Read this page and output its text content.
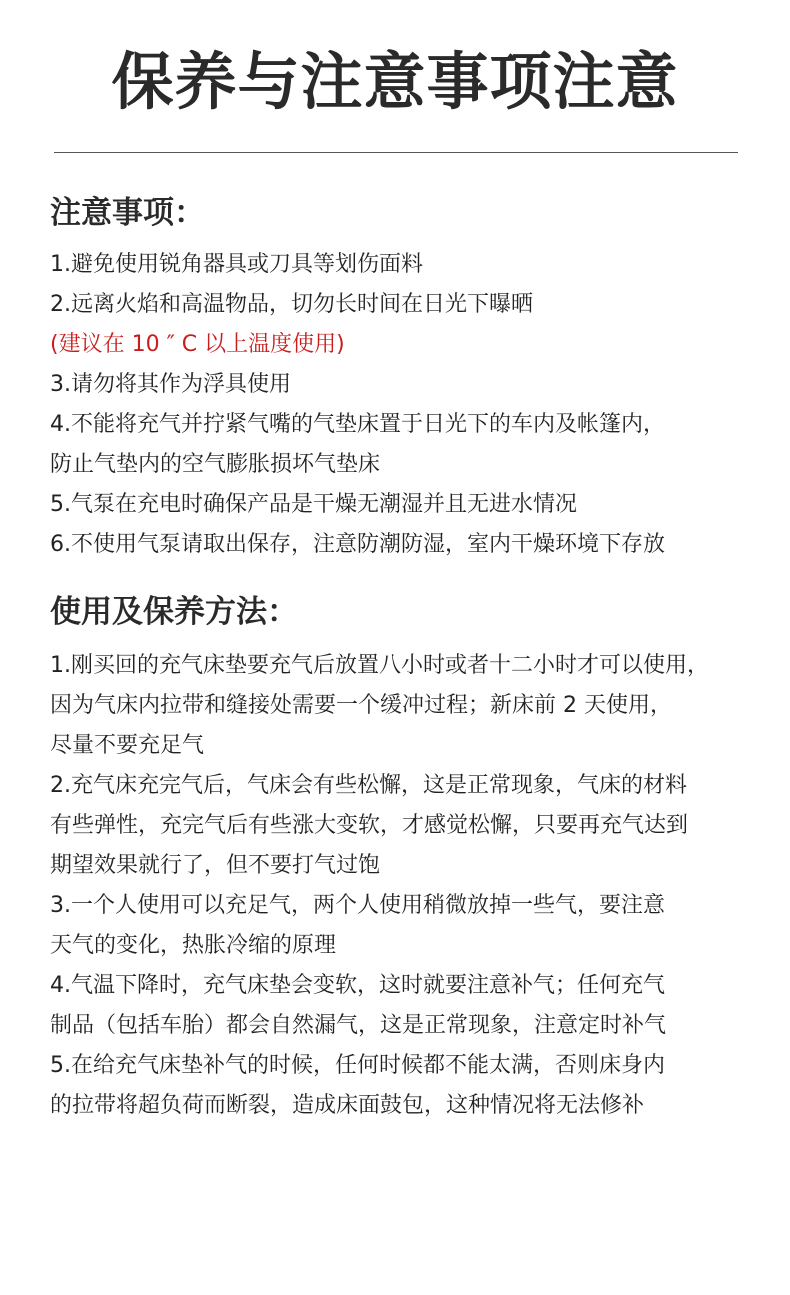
保养与注意事项注意
注意事项：
1.避免使用锐角器具或刀具等划伤面料
2.远离火焰和高温物品，切勿长时间在日光下曝晒
(建议在 10 ″ C 以上温度使用)
3.请勿将其作为浮具使用
4.不能将充气并拧紧气嘴的气垫床置于日光下的车内及帐篷内，
防止气垫内的空气膨胀损坏气垫床
5.气泵在充电时确保产品是干燥无潮湿并且无进水情况
6.不使用气泵请取出保存，注意防潮防湿，室内干燥环境下存放
使用及保养方法：
1.刚买回的充气床垫要充气后放置八小时或者十二小时才可以使用，
因为气床内拉带和缝接处需要一个缓冲过程；新床前 2 天使用，
尽量不要充足气
2.充气床充完气后，气床会有些松懈，这是正常现象，气床的材料
有些弹性，充完气后有些涨大变软，才感觉松懈，只要再充气达到
期望效果就行了，但不要打气过饱
3.一个人使用可以充足气，两个人使用稍微放掉一些气，要注意
天气的变化，热胀冷缩的原理
4.气温下降时，充气床垫会变软，这时就要注意补气；任何充气
制品（包括车胎）都会自然漏气，这是正常现象，注意定时补气
5.在给充气床垫补气的时候，任何时候都不能太满，否则床身内
的拉带将超负荷而断裂，造成床面鼓包，这种情况将无法修补
